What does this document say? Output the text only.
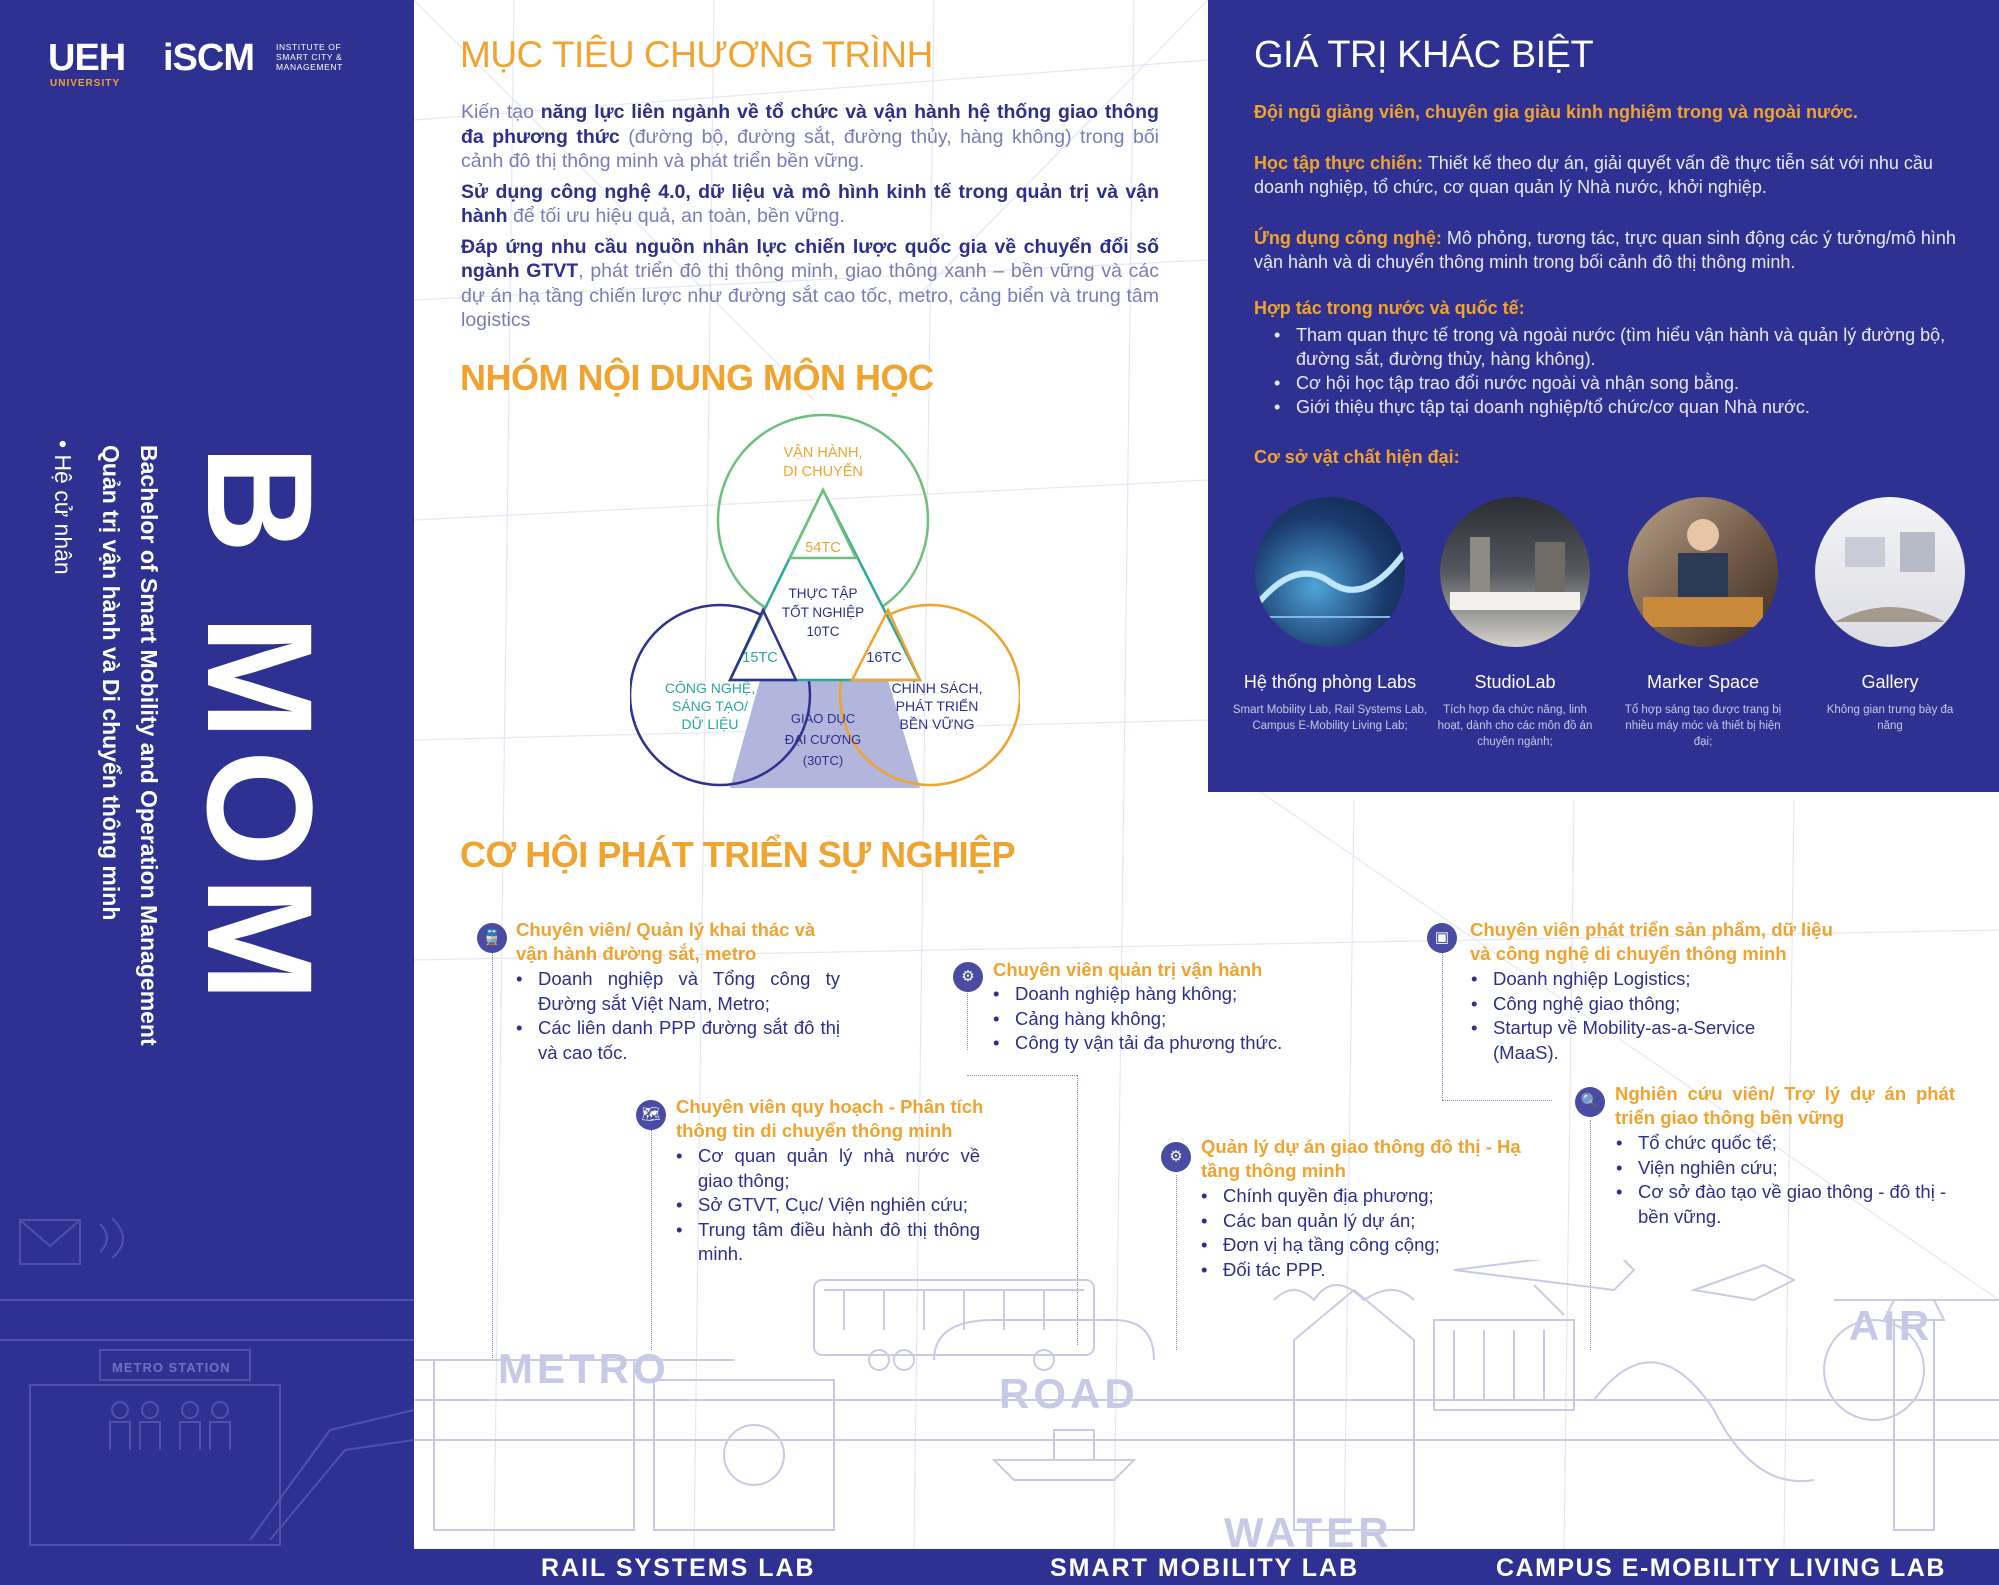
UEH
UNIVERSITY
iSCM	INSTITUTE OF SMART CITY & MANAGEMENT
B MOM
Bachelor of Smart Mobility and Operation Management
Quản trị vận hành và Di chuyển thông minh
• Hệ cử nhân
METRO STATION
MỤC TIÊU CHƯƠNG TRÌNH

Kiến tạo năng lực liên ngành về tổ chức và vận hành hệ thống giao thông đa phương thức (đường bộ, đường sắt, đường thủy, hàng không) trong bối cảnh đô thị thông minh và phát triển bền vững.

Sử dụng công nghệ 4.0, dữ liệu và mô hình kinh tế trong quản trị và vận hành để tối ưu hiệu quả, an toàn, bền vững.

Đáp ứng nhu cầu nguồn nhân lực chiến lược quốc gia về chuyển đổi số ngành GTVT, phát triển đô thị thông minh, giao thông xanh – bền vững và các dự án hạ tầng chiến lược như đường sắt cao tốc, metro, cảng biển và trung tâm logistics

NHÓM NỘI DUNG MÔN HỌC
VẬN HÀNH,
DI CHUYỂN
54TC
THỰC TẬP
TỐT NGHIỆP
10TC
15TC	16TC
CÔNG NGHỆ,
SÁNG TẠO/
DỮ LIỆU
CHÍNH SÁCH,
PHÁT TRIỂN
BỀN VỮNG
GIÁO DỤC
ĐẠI CƯƠNG
(30TC)
GIÁ TRỊ KHÁC BIỆT
Đội ngũ giảng viên, chuyên gia giàu kinh nghiệm trong và ngoài nước.
Học tập thực chiến: Thiết kế theo dự án, giải quyết vấn đề thực tiễn sát với nhu cầu doanh nghiệp, tổ chức, cơ quan quản lý Nhà nước, khởi nghiệp.
Ứng dụng công nghệ: Mô phỏng, tương tác, trực quan sinh động các ý tưởng/mô hình vận hành và di chuyển thông minh trong bối cảnh đô thị thông minh.
Hợp tác trong nước và quốc tế:
• Tham quan thực tế trong và ngoài nước (tìm hiểu vận hành và quản lý đường bộ, đường sắt, đường thủy, hàng không).
• Cơ hội học tập trao đổi nước ngoài và nhận song bằng.
• Giới thiệu thực tập tại doanh nghiệp/tổ chức/cơ quan Nhà nước.
Cơ sở vật chất hiện đại:
Hệ thống phòng Labs
Smart Mobility Lab, Rail Systems Lab, Campus E-Mobility Living Lab;
StudioLab
Tích hợp đa chức năng, linh hoạt, dành cho các môn đồ án chuyên ngành;
Marker Space
Tổ hợp sáng tạo được trang bị nhiều máy móc và thiết bị hiện đại;
Gallery
Không gian trưng bày đa năng
CƠ HỘI PHÁT TRIỂN SỰ NGHIỆP
🚆 Chuyên viên/ Quản lý khai thác và vận hành đường sắt, metro
• Doanh nghiệp và Tổng công ty Đường sắt Việt Nam, Metro;
• Các liên danh PPP đường sắt đô thị và cao tốc.
🗺 Chuyên viên quy hoạch - Phân tích thông tin di chuyển thông minh
• Cơ quan quản lý nhà nước về giao thông;
• Sở GTVT, Cục/ Viện nghiên cứu;
• Trung tâm điều hành đô thị thông minh.
⚙ Chuyên viên quản trị vận hành
• Doanh nghiệp hàng không;
• Cảng hàng không;
• Công ty vận tải đa phương thức.
⚙ Quản lý dự án giao thông đô thị - Hạ tầng thông minh
• Chính quyền địa phương;
• Các ban quản lý dự án;
• Đơn vị hạ tầng công cộng;
• Đối tác PPP.
▣	Chuyên viên phát triển sản phẩm, dữ liệu và công nghệ di chuyển thông minh
• Doanh nghiệp Logistics;
• Công nghệ giao thông;
• Startup về Mobility-as-a-Service (MaaS).
🔍 Nghiên cứu viên/ Trợ lý dự án phát triển giao thông bền vững
• Tổ chức quốc tế;
• Viện nghiên cứu;
• Cơ sở đào tạo về giao thông - đô thị - bền vững.
METRO
ROAD
WATER
AIR
RAIL SYSTEMS LAB	SMART MOBILITY LAB	CAMPUS E-MOBILITY LIVING LAB
